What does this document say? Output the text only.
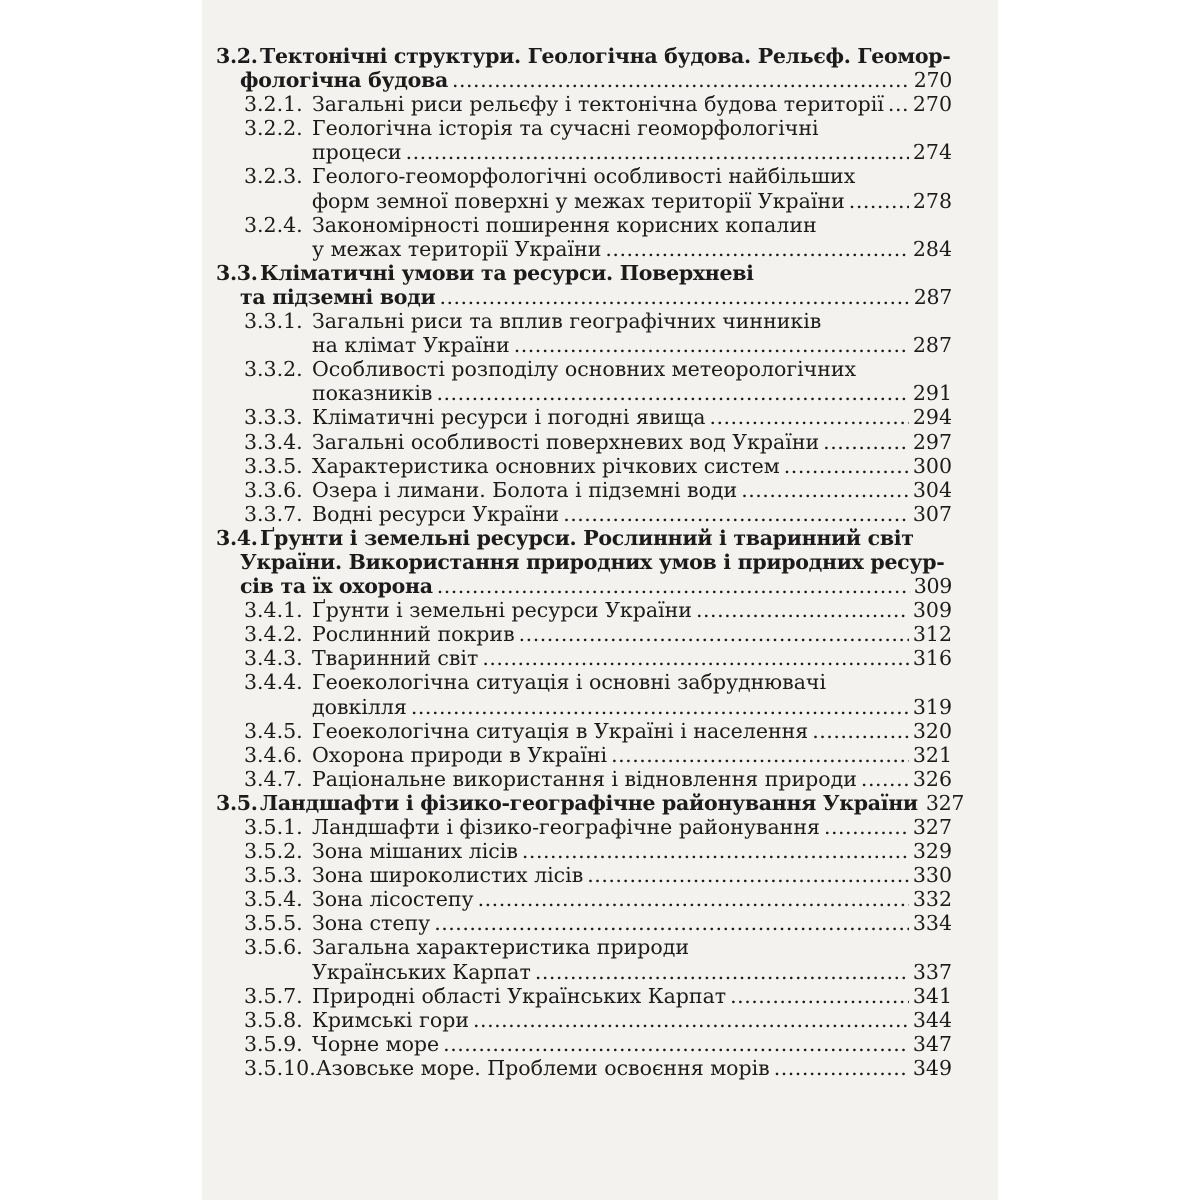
3.2. Тектонічні структури. Геологічна будова. Рельєф. Геомор-
фологічна будова . . .	270
3.2.1. Загальні риси рельєфу і тектонічна будова території . . . 270
3.2.2. Геологічна історія та сучасні геоморфологічні
процеси . . .	274
3.2.3. Геолого-геоморфологічні особливості найбільших
форм земної поверхні у межах території України . . .	278
3.2.4. Закономірності поширення корисних копалин
у межах території України . . .	284
3.3. Кліматичні умови та ресурси. Поверхневі
та підземні води . . .	287
3.3.1. Загальні риси та вплив географічних чинників
на клімат України . . .	287
3.3.2. Особливості розподілу основних метеорологічних
показників . . .	291
3.3.3. Кліматичні ресурси і погодні явища . . .	294
3.3.4. Загальні особливості поверхневих вод України . . .	297
3.3.5. Характеристика основних річкових систем . . .	300
3.3.6. Озера і лимани. Болота і підземні води . . .	304
3.3.7. Водні ресурси України . . .	307
3.4. Ґрунти і земельні ресурси. Рослинний і тваринний світ
України. Використання природних умов і природних ресур-
сів та їх охорона . . .	309
3.4.1. Ґрунти і земельні ресурси України . . .	309
3.4.2. Рослинний покрив . . .	312
3.4.3. Тваринний світ . . .	316
3.4.4. Геоекологічна ситуація і основні забруднювачі
довкілля . . .	319
3.4.5. Геоекологічна ситуація в Україні і населення . . .	320
3.4.6. Охорона природи в Україні . . .	321
3.4.7. Раціональне використання і відновлення природи . . .	326
3.5. Ландшафти і фізико-географічне районування України 327
3.5.1. Ландшафти і фізико-географічне районування . . .	327
3.5.2. Зона мішаних лісів . . .	329
3.5.3. Зона широколистих лісів . . .	330
3.5.4. Зона лісостепу . . .	332
3.5.5. Зона степу . . .	334
3.5.6. Загальна характеристика природи
Українських Карпат . . .	337
3.5.7. Природні області Українських Карпат . . .	341
3.5.8. Кримські гори . . .	344
3.5.9. Чорне море . . .	347
3.5.10. Азовське море. Проблеми освоєння морів . . .	349
